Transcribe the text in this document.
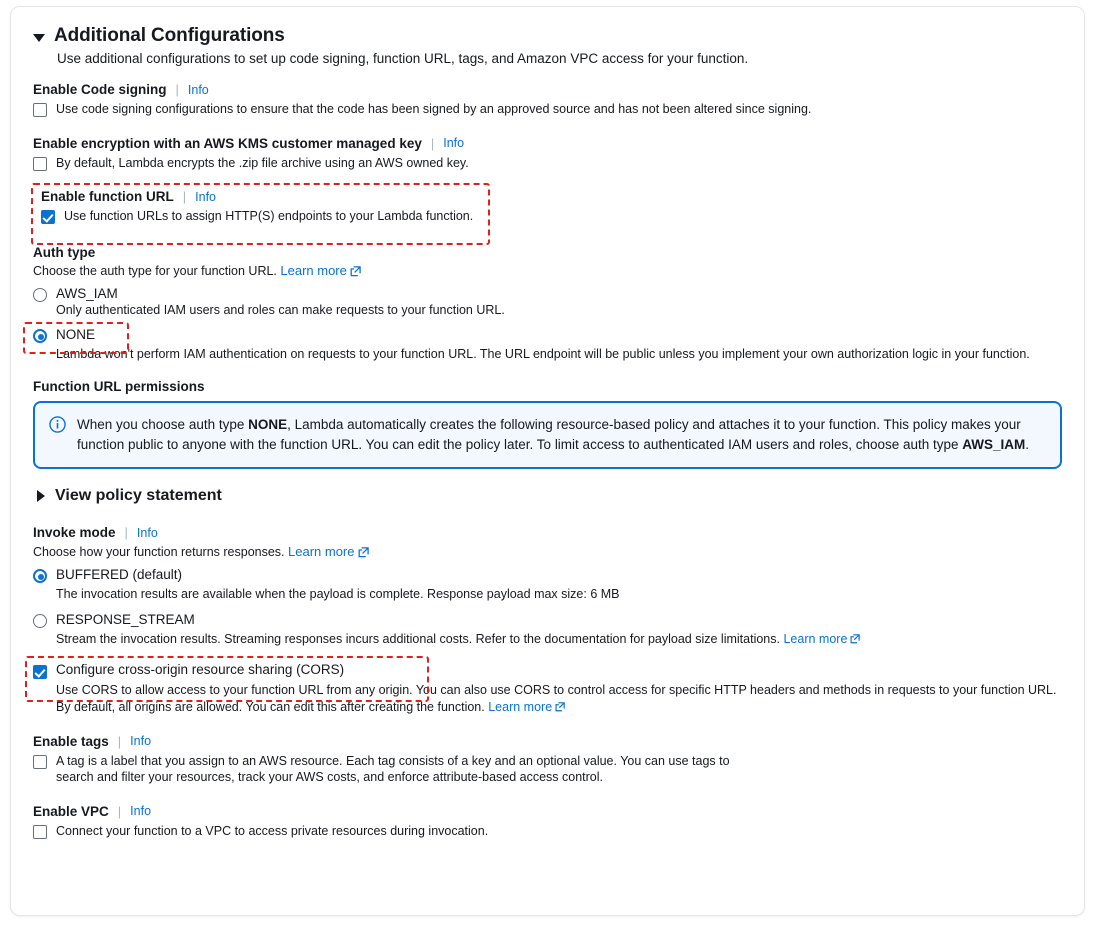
Additional Configurations
Use additional configurations to set up code signing, function URL, tags, and Amazon VPC access for your function.
Enable Code signing | Info
Use code signing configurations to ensure that the code has been signed by an approved source and has not been altered since signing.
Enable encryption with an AWS KMS customer managed key | Info
By default, Lambda encrypts the .zip file archive using an AWS owned key.
Enable function URL | Info
Use function URLs to assign HTTP(S) endpoints to your Lambda function.
Auth type
Choose the auth type for your function URL. Learn more
AWS_IAM
Only authenticated IAM users and roles can make requests to your function URL.
NONE
Lambda won't perform IAM authentication on requests to your function URL. The URL endpoint will be public unless you implement your own authorization logic in your function.
Function URL permissions
When you choose auth type NONE, Lambda automatically creates the following resource-based policy and attaches it to your function. This policy makes your function public to anyone with the function URL. You can edit the policy later. To limit access to authenticated IAM users and roles, choose auth type AWS_IAM.
View policy statement
Invoke mode | Info
Choose how your function returns responses. Learn more
BUFFERED (default)
The invocation results are available when the payload is complete. Response payload max size: 6 MB
RESPONSE_STREAM
Stream the invocation results. Streaming responses incurs additional costs. Refer to the documentation for payload size limitations. Learn more
Configure cross-origin resource sharing (CORS)
Use CORS to allow access to your function URL from any origin. You can also use CORS to control access for specific HTTP headers and methods in requests to your function URL. By default, all origins are allowed. You can edit this after creating the function. Learn more
Enable tags | Info
A tag is a label that you assign to an AWS resource. Each tag consists of a key and an optional value. You can use tags to search and filter your resources, track your AWS costs, and enforce attribute-based access control.
Enable VPC | Info
Connect your function to a VPC to access private resources during invocation.
